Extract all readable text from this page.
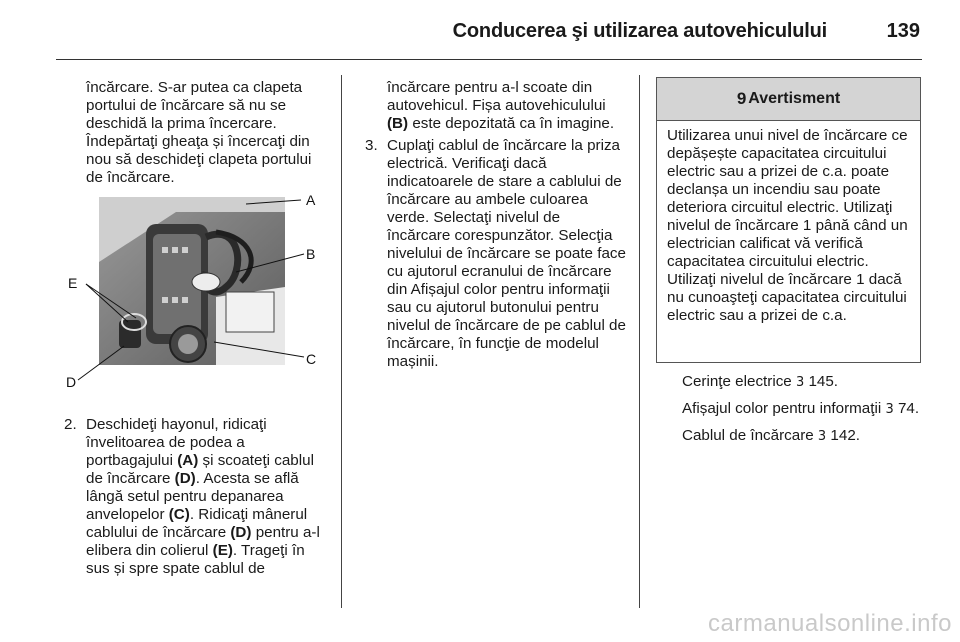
Conducerea şi utilizarea autovehiculului	139

încărcare. S-ar putea ca clapeta portului de încărcare să nu se deschidă la prima încercare. Îndepărtaţi gheaţa și încercaţi din nou să deschideţi clapeta portului de încărcare.

A
B
C
D
E
2. Deschideţi hayonul, ridicaţi învelitoarea de podea a portbagajului (A) și scoateţi cablul de încărcare (D). Acesta se află lângă setul pentru depanarea anvelopelor (C). Ridicaţi mânerul cablului de încărcare (D) pentru a-l elibera din colierul (E). Trageţi în sus și spre spate cablul de

încărcare pentru a-l scoate din autovehicul. Fișa autovehiculului (B) este depozitată ca în imagine.

3. Cuplaţi cablul de încărcare la priza electrică. Verificaţi dacă indicatoarele de stare a cablului de încărcare au ambele culoarea verde. Selectaţi nivelul de încărcare corespunzător. Selecţia nivelului de încărcare se poate face cu ajutorul ecranului de încărcare din Afișajul color pentru informaţii sau cu ajutorul butonului pentru nivelul de încărcare de pe cablul de încărcare, în funcţie de modelul mașinii.
9 Avertisment
Utilizarea unui nivel de încărcare ce depășește capacitatea circuitului electric sau a prizei de c.a. poate declanșa un incendiu sau poate deteriora circuitul electric. Utilizaţi nivelul de încărcare 1 până când un electrician calificat vă verifică capacitatea circuitului electric. Utilizaţi nivelul de încărcare 1 dacă nu cunoaşteţi capacitatea circuitului electric sau a prizei de c.a.

Cerinţe electrice 3 145.

Afișajul color pentru informaţii 3 74.

Cablul de încărcare 3 142.

carmanualsonline.info
